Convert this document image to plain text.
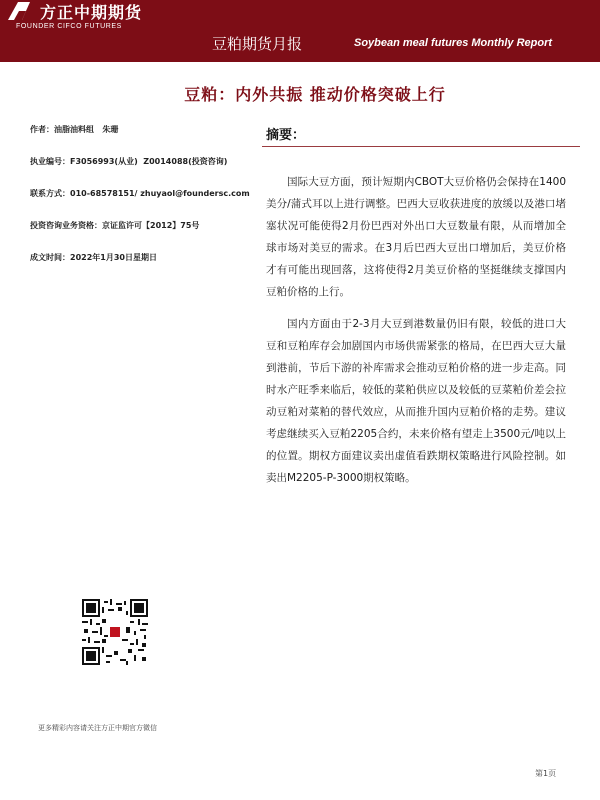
方正中期期货
FOUNDER CIFCO FUTURES
豆粕期货月报	Soybean meal futures Monthly Report
豆粕：内外共振 推动价格突破上行
作者：油脂油料组   朱珊
执业编号：F3056993(从业)  Z0014088(投资咨询)
联系方式：010-68578151/ zhuyaol@foundersc.com
投资咨询业务资格：京证监许可【2012】75号
成文时间：2022年1月30日星期日
摘要：

国际大豆方面，预计短期内CBOT大豆价格仍会保持在1400美分/蒲式耳以上进行调整。巴西大豆收获进度的放缓以及港口堵塞状况可能使得2月份巴西对外出口大豆数量有限，从而增加全球市场对美豆的需求。在3月后巴西大豆出口增加后，美豆价格才有可能出现回落，这将使得2月美豆价格的坚挺继续支撑国内豆粕价格的上行。

国内方面由于2-3月大豆到港数量仍旧有限，较低的进口大豆和豆粕库存会加剧国内市场供需紧张的格局，在巴西大豆大量到港前，节后下游的补库需求会推动豆粕价格的进一步走高。同时水产旺季来临后，较低的菜粕供应以及较低的豆菜粕价差会拉动豆粕对菜粕的替代效应，从而推升国内豆粕价格的走势。建议考虑继续买入豆粕2205合约，未来价格有望走上3500元/吨以上的位置。期权方面建议卖出虚值看跌期权策略进行风险控制。如卖出M2205-P-3000期权策略。

更多精彩内容请关注方正中期官方微信
第1页
